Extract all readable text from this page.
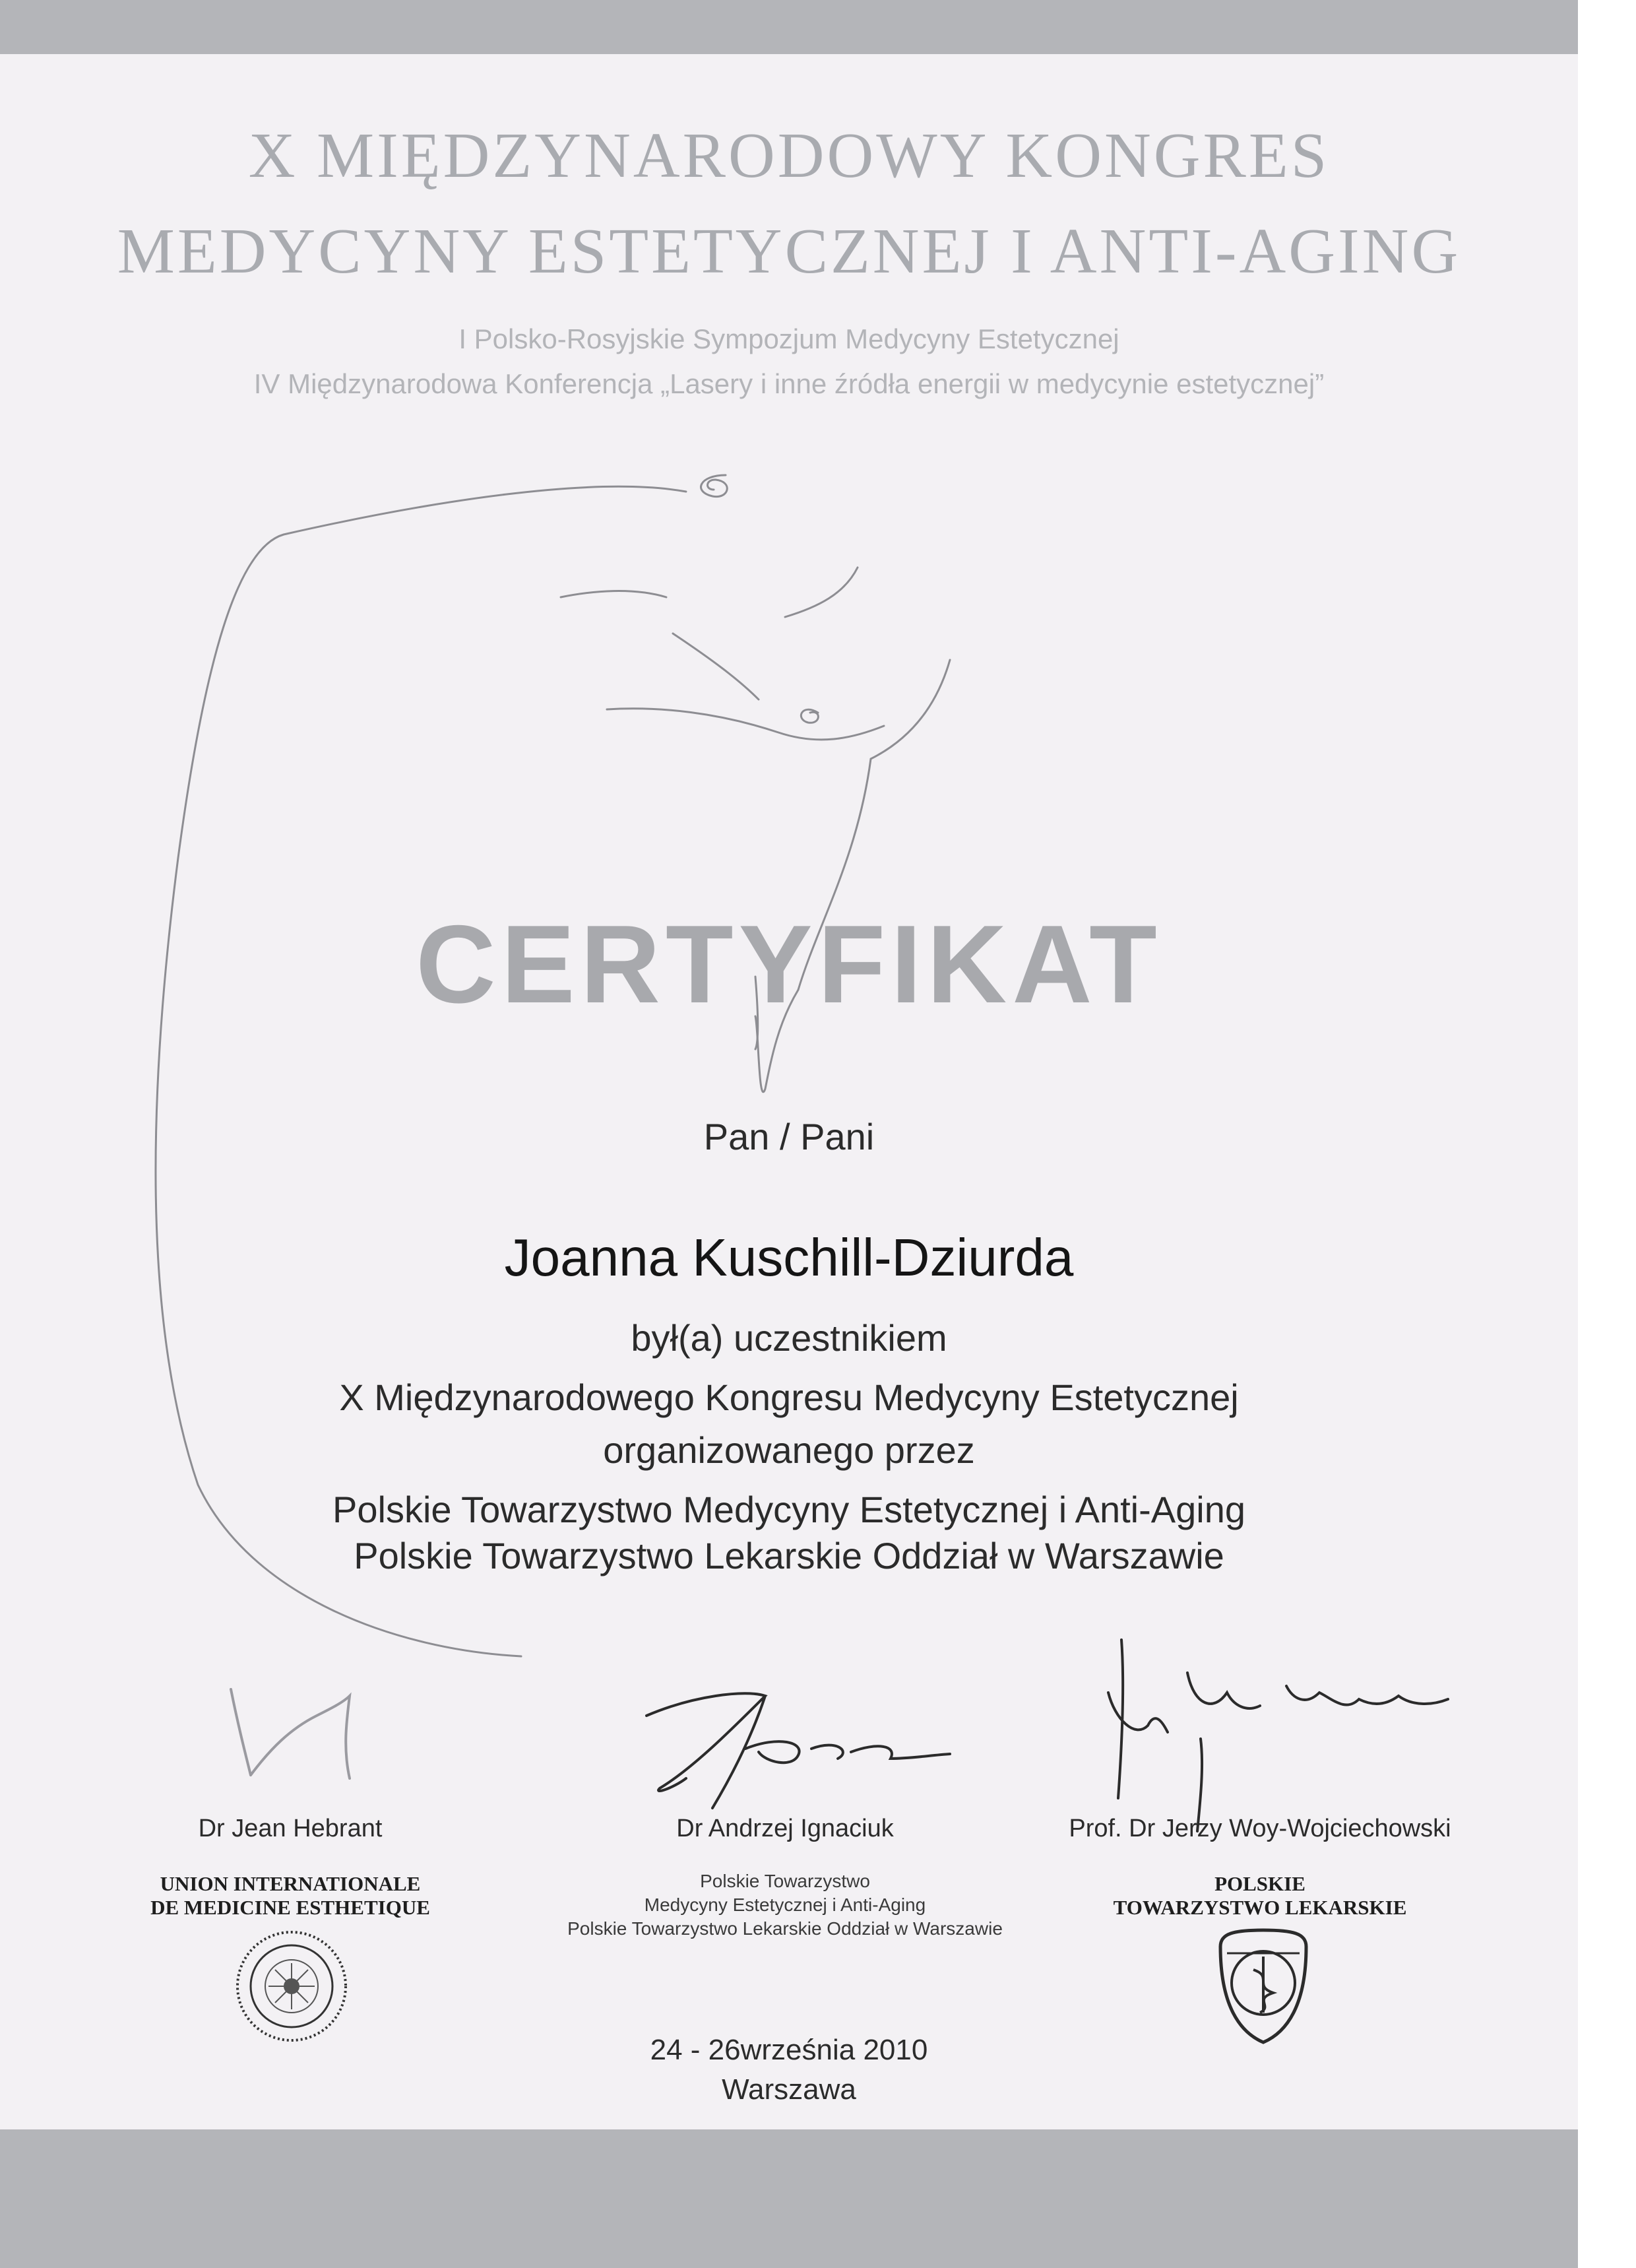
X MIĘDZYNARODOWY KONGRES
MEDYCYNY ESTETYCZNEJ I ANTI-AGING
I Polsko-Rosyjskie Sympozjum Medycyny Estetycznej
IV Międzynarodowa Konferencja „Lasery i inne źródła energii w medycynie estetycznej”
CERTYFIKAT
Pan / Pani
Joanna Kuschill-Dziurda
był(a) uczestnikiem
X Międzynarodowego Kongresu Medycyny Estetycznej
organizowanego przez
Polskie Towarzystwo Medycyny Estetycznej i Anti-Aging
Polskie Towarzystwo Lekarskie Oddział w Warszawie
Dr Jean Hebrant
UNION INTERNATIONALE
DE MEDICINE ESTHETIQUE
Dr Andrzej Ignaciuk
Polskie Towarzystwo
Medycyny Estetycznej i Anti-Aging
Polskie Towarzystwo Lekarskie Oddział w Warszawie
Prof. Dr Jerzy Woy-Wojciechowski
POLSKIE
TOWARZYSTWO LEKARSKIE
24 - 26września 2010
Warszawa
